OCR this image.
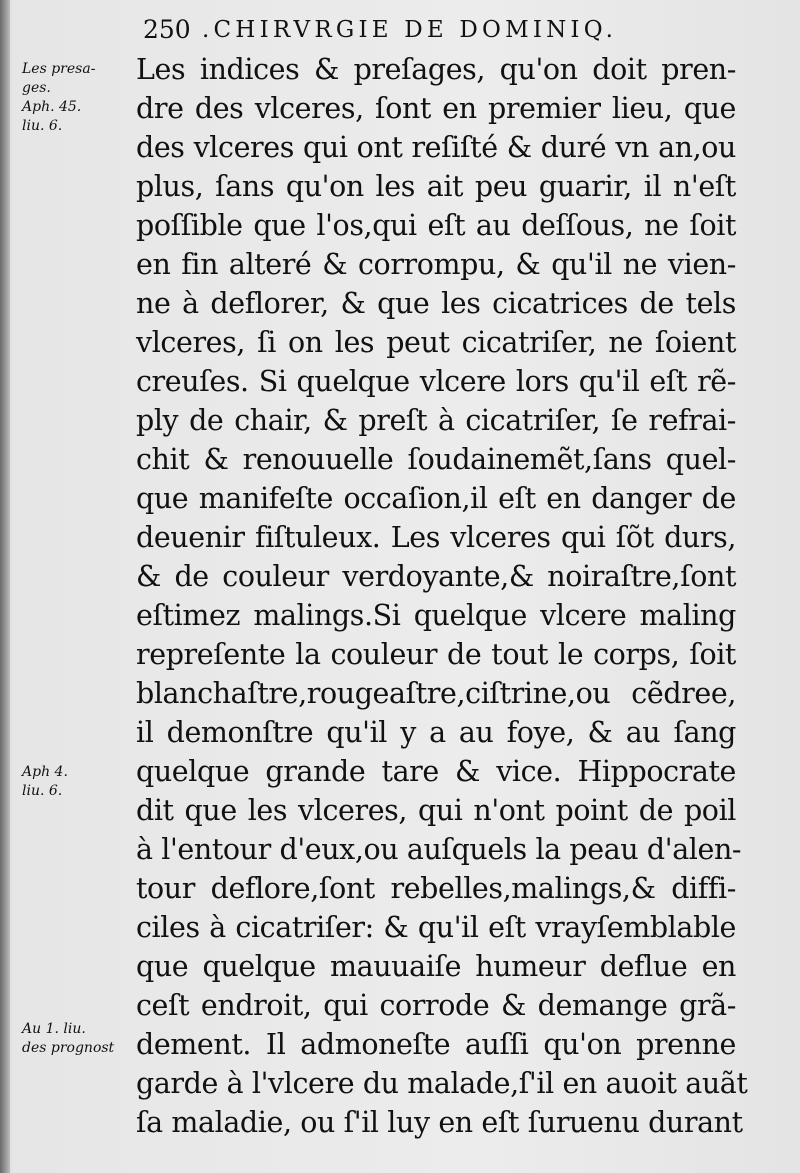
250 .CHIRVRGIE DE DOMINIQ.
Les presa-
ges.
Aph. 45.
liu. 6.
Aph 4.
liu. 6.
Au 1. liu.
des prognost
Les indices & preſages, qu'on doit pren-
dre des vlceres, ſont en premier lieu, que
des vlceres qui ont reſiſté & duré vn an,ou
plus, ſans qu'on les ait peu guarir, il n'eſt
poſſible que l'os,qui eſt au deſſous, ne ſoit
en fin alteré & corrompu, & qu'il ne vien-
ne à deflorer, & que les cicatrices de tels
vlceres, ſi on les peut cicatriſer, ne ſoient
creuſes. Si quelque vlcere lors qu'il eſt rẽ-
ply de chair, & preſt à cicatriſer, ſe refrai-
chit & renouuelle ſoudainemẽt,ſans quel-
que manifeſte occaſion,il eſt en danger de
deuenir fiſtuleux. Les vlceres qui ſõt durs,
& de couleur verdoyante,& noiraſtre,ſont
eſtimez malings.Si quelque vlcere maling
repreſente la couleur de tout le corps, ſoit
blanchaſtre,rougeaſtre,ciſtrine,ou cẽdree,
il demonſtre qu'il y a au foye, & au ſang
quelque grande tare & vice. Hippocrate
dit que les vlceres, qui n'ont point de poil
à l'entour d'eux,ou auſquels la peau d'alen-
tour deflore,ſont rebelles,malings,& diffi-
ciles à cicatriſer: & qu'il eſt vrayſemblable
que quelque mauuaiſe humeur deflue en
ceſt endroit, qui corrode & demange grã-
dement. Il admoneſte auſſi qu'on prenne
garde à l'vlcere du malade,ſ'il en auoit auãt
ſa maladie, ou ſ'il luy en eſt ſuruenu durant
